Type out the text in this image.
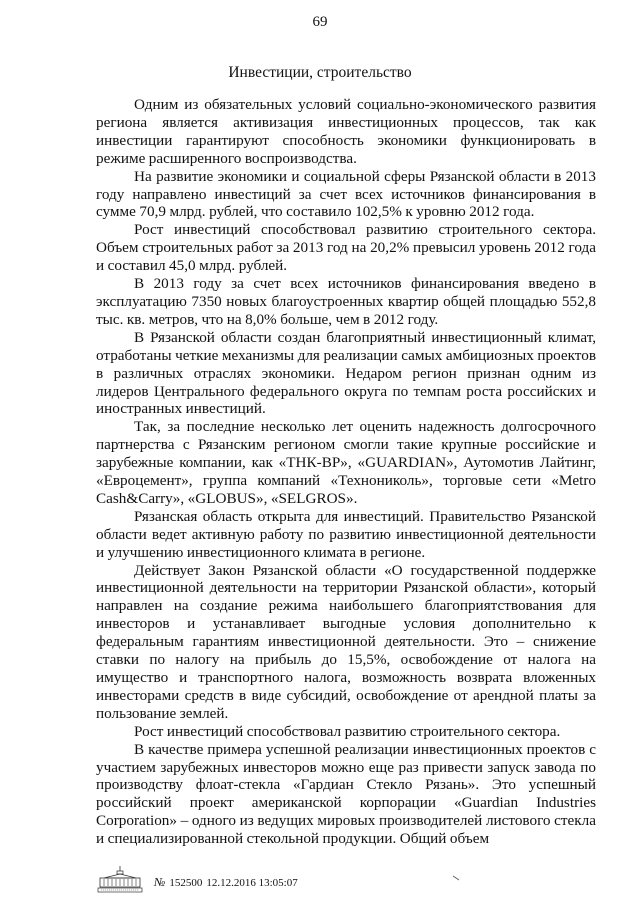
69
Инвестиции, строительство

Одним из обязательных условий социально-экономического развития региона является активизация инвестиционных процессов, так как инвестиции гарантируют способность экономики функционировать в режиме расширенного воспроизводства.

На развитие экономики и социальной сферы Рязанской области в 2013 году направлено инвестиций за счет всех источников финансирования в сумме 70,9 млрд. рублей, что составило 102,5% к уровню 2012 года.

Рост инвестиций способствовал развитию строительного сектора. Объем строительных работ за 2013 год на 20,2% превысил уровень 2012 года и составил 45,0 млрд. рублей.

В 2013 году за счет всех источников финансирования введено в эксплуатацию 7350 новых благоустроенных квартир общей площадью 552,8 тыс. кв. метров, что на 8,0% больше, чем в 2012 году.

В Рязанской области создан благоприятный инвестиционный климат, отработаны четкие механизмы для реализации самых амбициозных проектов в различных отраслях экономики. Недаром регион признан одним из лидеров Центрального федерального округа по темпам роста российских и иностранных инвестиций.

Так, за последние несколько лет оценить надежность долгосрочного партнерства с Рязанским регионом смогли такие крупные российские и зарубежные компании, как «ТНК-BP», «GUARDIAN», Аутомотив Лайтинг, «Евроцемент», группа компаний «Технониколь», торговые сети «Metro Cash&Carry», «GLOBUS», «SELGROS».

Рязанская область открыта для инвестиций. Правительство Рязанской области ведет активную работу по развитию инвестиционной деятельности и улучшению инвестиционного климата в регионе.

Действует Закон Рязанской области «О государственной поддержке инвестиционной деятельности на территории Рязанской области», который направлен на создание режима наибольшего благоприятствования для инвесторов и устанавливает выгодные условия дополнительно к федеральным гарантиям инвестиционной деятельности. Это – снижение ставки по налогу на прибыль до 15,5%, освобождение от налога на имущество и транспортного налога, возможность возврата вложенных инвесторами средств в виде субсидий, освобождение от арендной платы за пользование землей.

Рост инвестиций способствовал развитию строительного сектора.

В качестве примера успешной реализации инвестиционных проектов с участием зарубежных инвесторов можно еще раз привести запуск завода по производству флоат-стекла «Гардиан Стекло Рязань». Это успешный российский проект американской корпорации «Guardian Industries Corporation» – одного из ведущих мировых производителей листового стекла и специализированной стекольной продукции. Общий объем

№ 152500 12.12.2016 13:05:07
